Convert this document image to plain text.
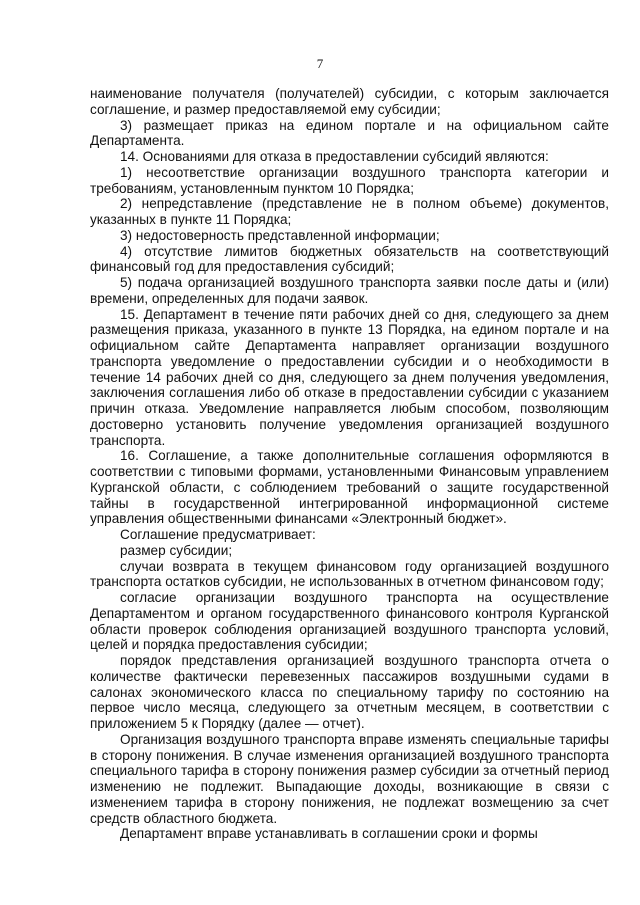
7

наименование получателя (получателей) субсидии, с которым заключается соглашение, и размер предоставляемой ему субсидии;

3) размещает приказ на едином портале и на официальном сайте Департамента.

14. Основаниями для отказа в предоставлении субсидий являются:

1) несоответствие организации воздушного транспорта категории и требованиям, установленным пунктом 10 Порядка;

2) непредставление (представление не в полном объеме) документов, указанных в пункте 11 Порядка;

3) недостоверность представленной информации;

4) отсутствие лимитов бюджетных обязательств на соответствующий финансовый год для предоставления субсидий;

5) подача организацией воздушного транспорта заявки после даты и (или) времени, определенных для подачи заявок.

15. Департамент в течение пяти рабочих дней со дня, следующего за днем размещения приказа, указанного в пункте 13 Порядка, на едином портале и на официальном сайте Департамента направляет организации воздушного транспорта уведомление о предоставлении субсидии и о необходимости в течение 14 рабочих дней со дня, следующего за днем получения уведомления, заключения соглашения либо об отказе в предоставлении субсидии с указанием причин отказа. Уведомление направляется любым способом, позволяющим достоверно установить получение уведомления организацией воздушного транспорта.

16. Соглашение, а также дополнительные соглашения оформляются в соответствии с типовыми формами, установленными Финансовым управлением Курганской области, с соблюдением требований о защите государственной тайны в государственной интегрированной информационной системе управления общественными финансами «Электронный бюджет».

Соглашение предусматривает:

размер субсидии;

случаи возврата в текущем финансовом году организацией воздушного транспорта остатков субсидии, не использованных в отчетном финансовом году;

согласие организации воздушного транспорта на осуществление Департаментом и органом государственного финансового контроля Курганской области проверок соблюдения организацией воздушного транспорта условий, целей и порядка предоставления субсидии;

порядок представления организацией воздушного транспорта отчета о количестве фактически перевезенных пассажиров воздушными судами в салонах экономического класса по специальному тарифу по состоянию на первое число месяца, следующего за отчетным месяцем, в соответствии с приложением 5 к Порядку (далее — отчет).

Организация воздушного транспорта вправе изменять специальные тарифы в сторону понижения. В случае изменения организацией воздушного транспорта специального тарифа в сторону понижения размер субсидии за отчетный период изменению не подлежит. Выпадающие доходы, возникающие в связи с изменением тарифа в сторону понижения, не подлежат возмещению за счет средств областного бюджета.

Департамент вправе устанавливать в соглашении сроки и формы
